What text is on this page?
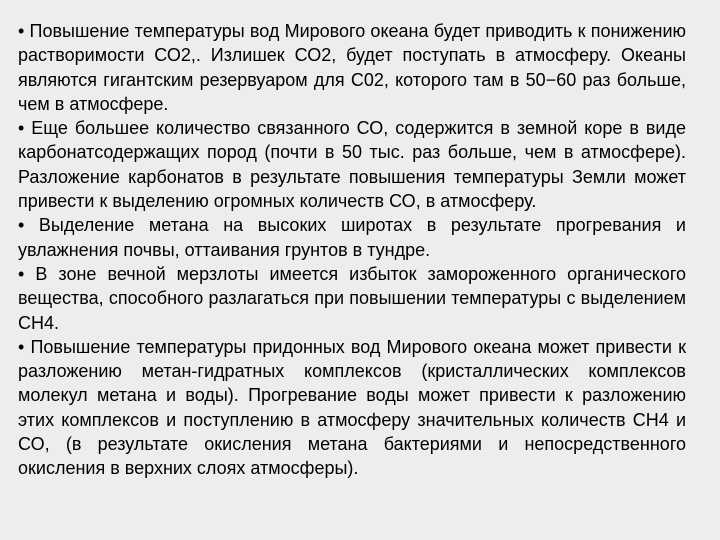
• Повышение температуры вод Мирового океана будет приводить к понижению растворимости СО2,. Излишек СО2, будет поступать в атмосферу. Океаны являются гигантским резервуаром для С02, которого там в 50−60 раз больше, чем в атмосфере.

• Еще большее количество связанного СО, содержится в земной коре в виде карбонатсодержащих пород (почти в 50 тыс. раз больше, чем в атмосфере). Разложение карбонатов в результате повышения температуры Земли может привести к выделению огромных количеств СО, в атмосферу.

• Выделение метана на высоких широтах в результате прогревания и увлажнения почвы, оттаивания грунтов в тундре.

• В зоне вечной мерзлоты имеется избыток замороженного органического вещества, способного разлагаться при повышении температуры с выделением СН4.

• Повышение температуры придонных вод Мирового океана может привести к разложению метан-гидратных комплексов (кристаллических комплексов молекул метана и воды). Прогревание воды может привести к разложению этих комплексов и поступлению в атмосферу значительных количеств СН4 и СО, (в результате окисления метана бактериями и непосредственного окисления в верхних слоях атмосферы).
